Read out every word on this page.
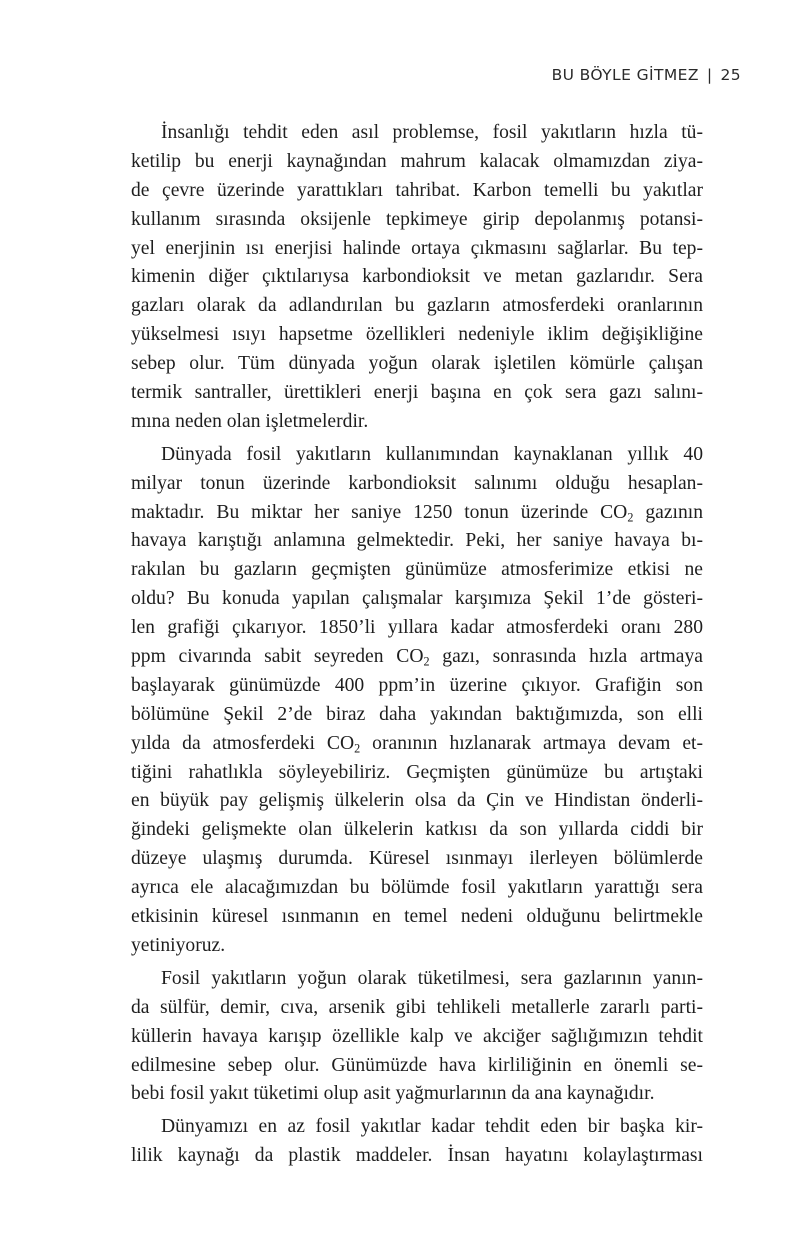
BU BÖYLE GİTMEZ | 25
İnsanlığı tehdit eden asıl problemse, fosil yakıtların hızla tü-
ketilip bu enerji kaynağından mahrum kalacak olmamızdan ziya-
de çevre üzerinde yarattıkları tahribat. Karbon temelli bu yakıtlar
kullanım sırasında oksijenle tepkimeye girip depolanmış potansi-
yel enerjinin ısı enerjisi halinde ortaya çıkmasını sağlarlar. Bu tep-
kimenin diğer çıktılarıysa karbondioksit ve metan gazlarıdır. Sera
gazları olarak da adlandırılan bu gazların atmosferdeki oranlarının
yükselmesi ısıyı hapsetme özellikleri nedeniyle iklim değişikliğine
sebep olur. Tüm dünyada yoğun olarak işletilen kömürle çalışan
termik santraller, ürettikleri enerji başına en çok sera gazı salını-
mına neden olan işletmelerdir.
Dünyada fosil yakıtların kullanımından kaynaklanan yıllık 40
milyar tonun üzerinde karbondioksit salınımı olduğu hesaplan-
maktadır. Bu miktar her saniye 1250 tonun üzerinde $CO_2$ gazının
havaya karıştığı anlamına gelmektedir. Peki, her saniye havaya bı-
rakılan bu gazların geçmişten günümüze atmosferimize etkisi ne
oldu? Bu konuda yapılan çalışmalar karşımıza Şekil 1’de gösteri-
len grafiği çıkarıyor. 1850’li yıllara kadar atmosferdeki oranı 280
ppm civarında sabit seyreden $CO_2$ gazı, sonrasında hızla artmaya
başlayarak günümüzde 400 ppm’in üzerine çıkıyor. Grafiğin son
bölümüne Şekil 2’de biraz daha yakından baktığımızda, son elli
yılda da atmosferdeki $CO_2$ oranının hızlanarak artmaya devam et-
tiğini rahatlıkla söyleyebiliriz. Geçmişten günümüze bu artıştaki
en büyük pay gelişmiş ülkelerin olsa da Çin ve Hindistan önderli-
ğindeki gelişmekte olan ülkelerin katkısı da son yıllarda ciddi bir
düzeye ulaşmış durumda. Küresel ısınmayı ilerleyen bölümlerde
ayrıca ele alacağımızdan bu bölümde fosil yakıtların yarattığı sera
etkisinin küresel ısınmanın en temel nedeni olduğunu belirtmekle
yetiniyoruz.
Fosil yakıtların yoğun olarak tüketilmesi, sera gazlarının yanın-
da sülfür, demir, cıva, arsenik gibi tehlikeli metallerle zararlı parti-
küllerin havaya karışıp özellikle kalp ve akciğer sağlığımızın tehdit
edilmesine sebep olur. Günümüzde hava kirliliğinin en önemli se-
bebi fosil yakıt tüketimi olup asit yağmurlarının da ana kaynağıdır.
Dünyamızı en az fosil yakıtlar kadar tehdit eden bir başka kir-
lilik kaynağı da plastik maddeler. İnsan hayatını kolaylaştırması
